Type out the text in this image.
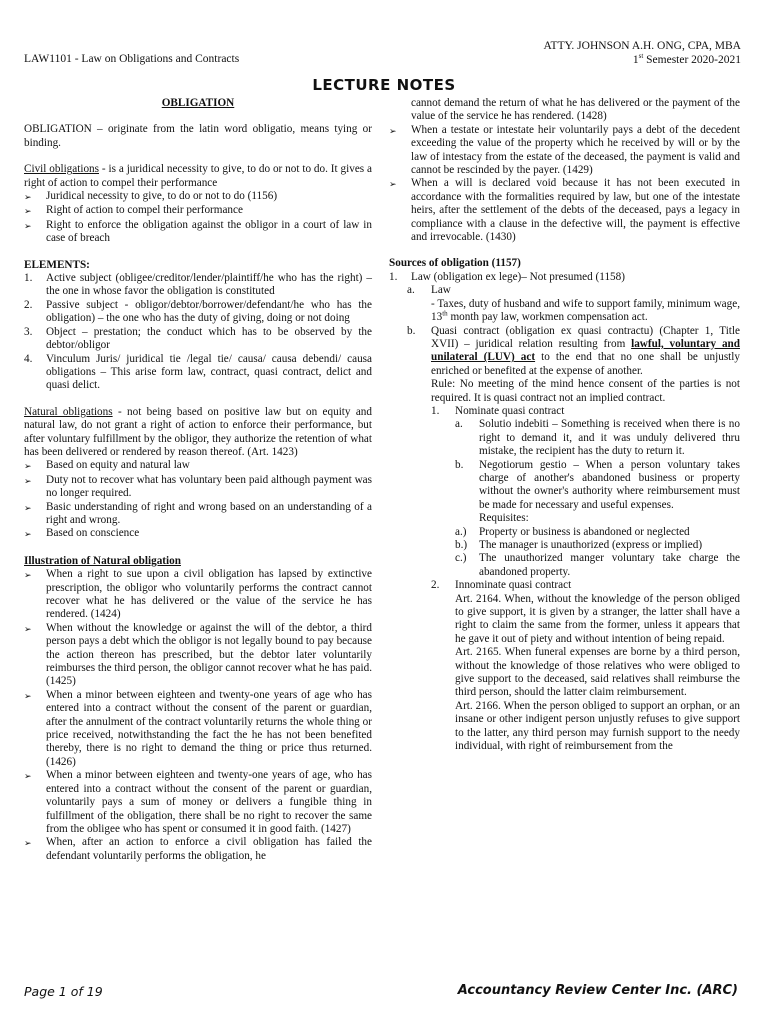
ATTY. JOHNSON A.H. ONG, CPA, MBA
1st Semester 2020-2021
LAW1101 - Law on Obligations and Contracts
LECTURE NOTES
OBLIGATION
OBLIGATION – originate from the latin word obligatio, means tying or binding.
Civil obligations - is a juridical necessity to give, to do or not to do. It gives a right of action to compel their performance
➢
Juridical necessity to give, to do or not to do (1156)
➢
Right of action to compel their performance
➢
Right to enforce the obligation against the obligor in a court of law in case of breach
ELEMENTS:
1.	Active subject (obligee/creditor/lender/plaintiff/he who has the right) – the one in whose favor the obligation is constituted
2.	Passive subject - obligor/debtor/borrower/defendant/he who has the obligation) – the one who has the duty of giving, doing or not doing
3.	Object – prestation; the conduct which has to be observed by the debtor/obligor
4.	Vinculum Juris/ juridical tie /legal tie/ causa/ causa debendi/ causa obligations – This arise form law, contract, quasi contract, delict and quasi delict.
Natural obligations - not being based on positive law but on equity and natural law, do not grant a right of action to enforce their performance, but after voluntary fulfillment by the obligor, they authorize the retention of what has been delivered or rendered by reason thereof. (Art. 1423)
➢
Based on equity and natural law
➢
Duty not to recover what has voluntary been paid although payment was no longer required.
➢
Basic understanding of right and wrong based on an understanding of a right and wrong.
➢
Based on conscience
Illustration of Natural obligation
➢
When a right to sue upon a civil obligation has lapsed by extinctive prescription, the obligor who voluntarily performs the contract cannot recover what he has delivered or the value of the service he has rendered. (1424)
➢
When without the knowledge or against the will of the debtor, a third person pays a debt which the obligor is not legally bound to pay because the action thereon has prescribed, but the debtor later voluntarily reimburses the third person, the obligor cannot recover what he has paid. (1425)
➢
When a minor between eighteen and twenty-one years of age who has entered into a contract without the consent of the parent or guardian, after the annulment of the contract voluntarily returns the whole thing or price received, notwithstanding the fact the he has not been benefited thereby, there is no right to demand the thing or price thus returned. (1426)
➢
When a minor between eighteen and twenty-one years of age, who has entered into a contract without the consent of the parent or guardian, voluntarily pays a sum of money or delivers a fungible thing in fulfillment of the obligation, there shall be no right to recover the same from the obligee who has spent or consumed it in good faith. (1427)
➢
When, after an action to enforce a civil obligation has failed the defendant voluntarily performs the obligation, he
cannot demand the return of what he has delivered or the payment of the value of the service he has rendered. (1428)
➢
When a testate or intestate heir voluntarily pays a debt of the decedent exceeding the value of the property which he received by will or by the law of intestacy from the estate of the deceased, the payment is valid and cannot be rescinded by the payer. (1429)
➢
When a will is declared void because it has not been executed in accordance with the formalities required by law, but one of the intestate heirs, after the settlement of the debts of the deceased, pays a legacy in compliance with a clause in the defective will, the payment is effective and irrevocable. (1430)
Sources of obligation (1157)
1.	Law (obligation ex lege)– Not presumed (1158)
a.	Law
- Taxes, duty of husband and wife to support family, minimum wage, 13th month pay law, workmen compensation act.
b.	Quasi contract (obligation ex quasi contractu) (Chapter 1, Title XVII) – juridical relation resulting from lawful, voluntary and unilateral (LUV) act to the end that no one shall be unjustly enriched or benefited at the expense of another.
Rule: No meeting of the mind hence consent of the parties is not required. It is quasi contract not an implied contract.
1.	Nominate quasi contract
a.	Solutio indebiti – Something is received when there is no right to demand it, and it was unduly delivered thru mistake, the recipient has the duty to return it.
b.	Negotiorum gestio – When a person voluntary takes charge of another's abandoned business or property without the owner's authority where reimbursement must be made for necessary and useful expenses.
Requisites:
a.)	Property or business is abandoned or neglected
b.)	The manager is unauthorized (express or implied)
c.)	The unauthorized manger voluntary take charge the abandoned property.
2.	Innominate quasi contract
Art. 2164. When, without the knowledge of the person obliged to give support, it is given by a stranger, the latter shall have a right to claim the same from the former, unless it appears that he gave it out of piety and without intention of being repaid.
Art. 2165. When funeral expenses are borne by a third person, without the knowledge of those relatives who were obliged to give support to the deceased, said relatives shall reimburse the third person, should the latter claim reimbursement.
Art. 2166. When the person obliged to support an orphan, or an insane or other indigent person unjustly refuses to give support to the latter, any third person may furnish support to the needy individual, with right of reimbursement from the
Page 1 of 19	Accountancy Review Center Inc. (ARC)
